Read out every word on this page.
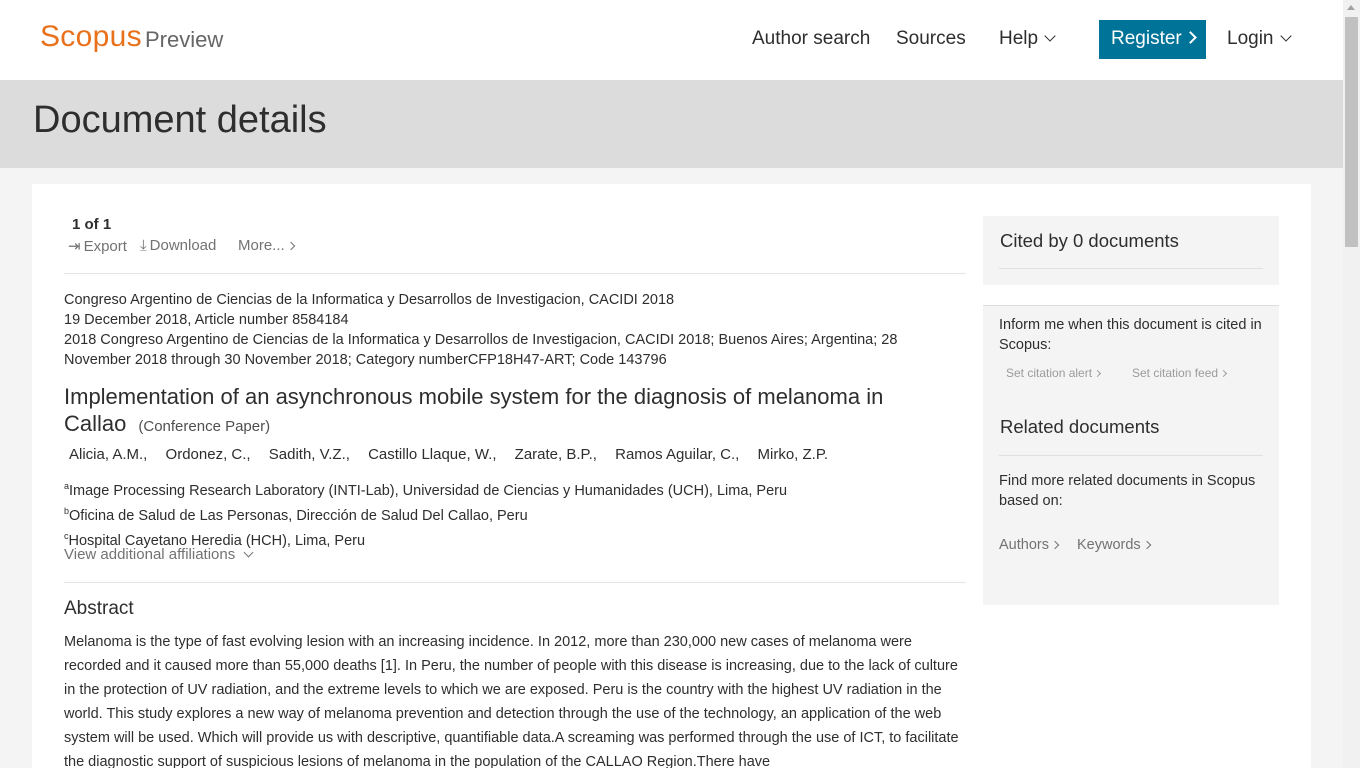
Scopus Preview	Author search Sources Help	Register	Login
Document details
1 of 1
⇥ Export ⤓ Download More...
Congreso Argentino de Ciencias de la Informatica y Desarrollos de Investigacion, CACIDI 2018
19 December 2018, Article number 8584184
2018 Congreso Argentino de Ciencias de la Informatica y Desarrollos de Investigacion, CACIDI 2018; Buenos Aires; Argentina; 28 November 2018 through 30 November 2018; Category numberCFP18H47-ART; Code 143796
Implementation of an asynchronous mobile system for the diagnosis of melanoma in Callao (Conference Paper)
Alicia, A.M., Ordonez, C., Sadith, V.Z., Castillo Llaque, W., Zarate, B.P., Ramos Aguilar, C., Mirko, Z.P.
$^a$Image Processing Research Laboratory (INTI-Lab), Universidad de Ciencias y Humanidades (UCH), Lima, Peru
$^b$Oficina de Salud de Las Personas, Dirección de Salud Del Callao, Peru
$^c$Hospital Cayetano Heredia (HCH), Lima, Peru
View additional affiliations
Abstract

Melanoma is the type of fast evolving lesion with an increasing incidence. In 2012, more than 230,000 new cases of melanoma were recorded and it caused more than 55,000 deaths [1]. In Peru, the number of people with this disease is increasing, due to the lack of culture in the protection of UV radiation, and the extreme levels to which we are exposed. Peru is the country with the highest UV radiation in the world. This study explores a new way of melanoma prevention and detection through the use of the technology, an application of the web system will be used. Which will provide us with descriptive, quantifiable data.A screaming was performed through the use of ICT, to facilitate the diagnostic support of suspicious lesions of melanoma in the population of the CALLAO Region.There have

Cited by 0 documents
Inform me when this document is cited in Scopus:
Set citation alert	Set citation feed
Related documents
Find more related documents in Scopus based on:
Authors	Keywords
